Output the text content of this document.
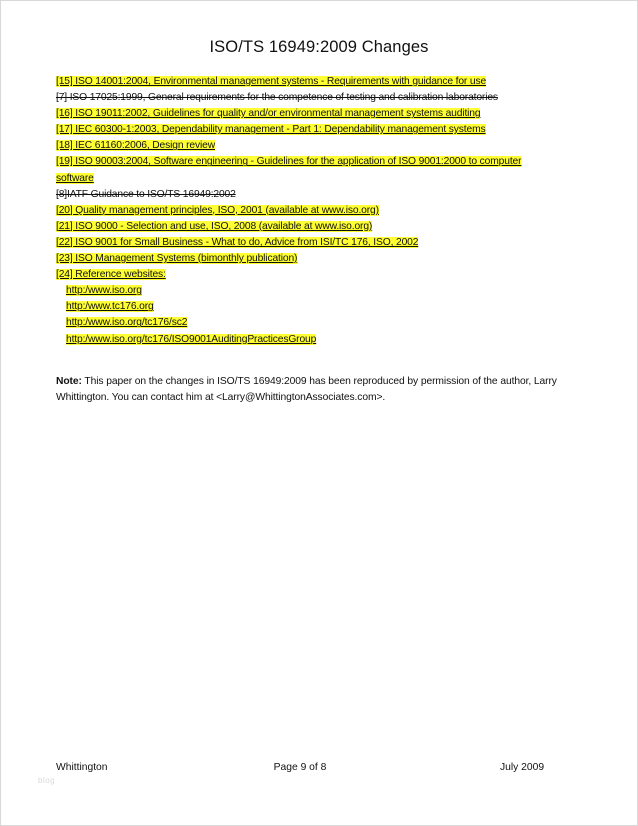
ISO/TS 16949:2009 Changes
[15] ISO 14001:2004, Environmental management systems - Requirements with guidance for use
[7] ISO 17025:1999, General requirements for the competence of testing and calibration laboratories
[16] ISO 19011:2002, Guidelines for quality and/or environmental management systems auditing
[17] IEC 60300-1:2003, Dependability management - Part 1: Dependability management systems
[18] IEC 61160:2006, Design review
[19] ISO 90003:2004, Software engineering - Guidelines for the application of ISO 9001:2000 to computer software
[8]IATF Guidance to ISO/TS 16949:2002
[20] Quality management principles, ISO, 2001 (available at www.iso.org)
[21] ISO 9000 - Selection and use, ISO, 2008 (available at www.iso.org)
[22] ISO 9001 for Small Business - What to do, Advice from ISI/TC 176, ISO, 2002
[23] ISO Management Systems (bimonthly publication)
[24] Reference websites:
http:/www.iso.org
http:/www.tc176.org
http:/www.iso.org/tc176/sc2
http:/www.iso.org/tc176/ISO9001AuditingPracticesGroup
Note: This paper on the changes in ISO/TS 16949:2009 has been reproduced by permission of the author, Larry Whittington. You can contact him at <Larry@WhittingtonAssociates.com>.
Whittington	Page 9 of 8	July 2009
blog
